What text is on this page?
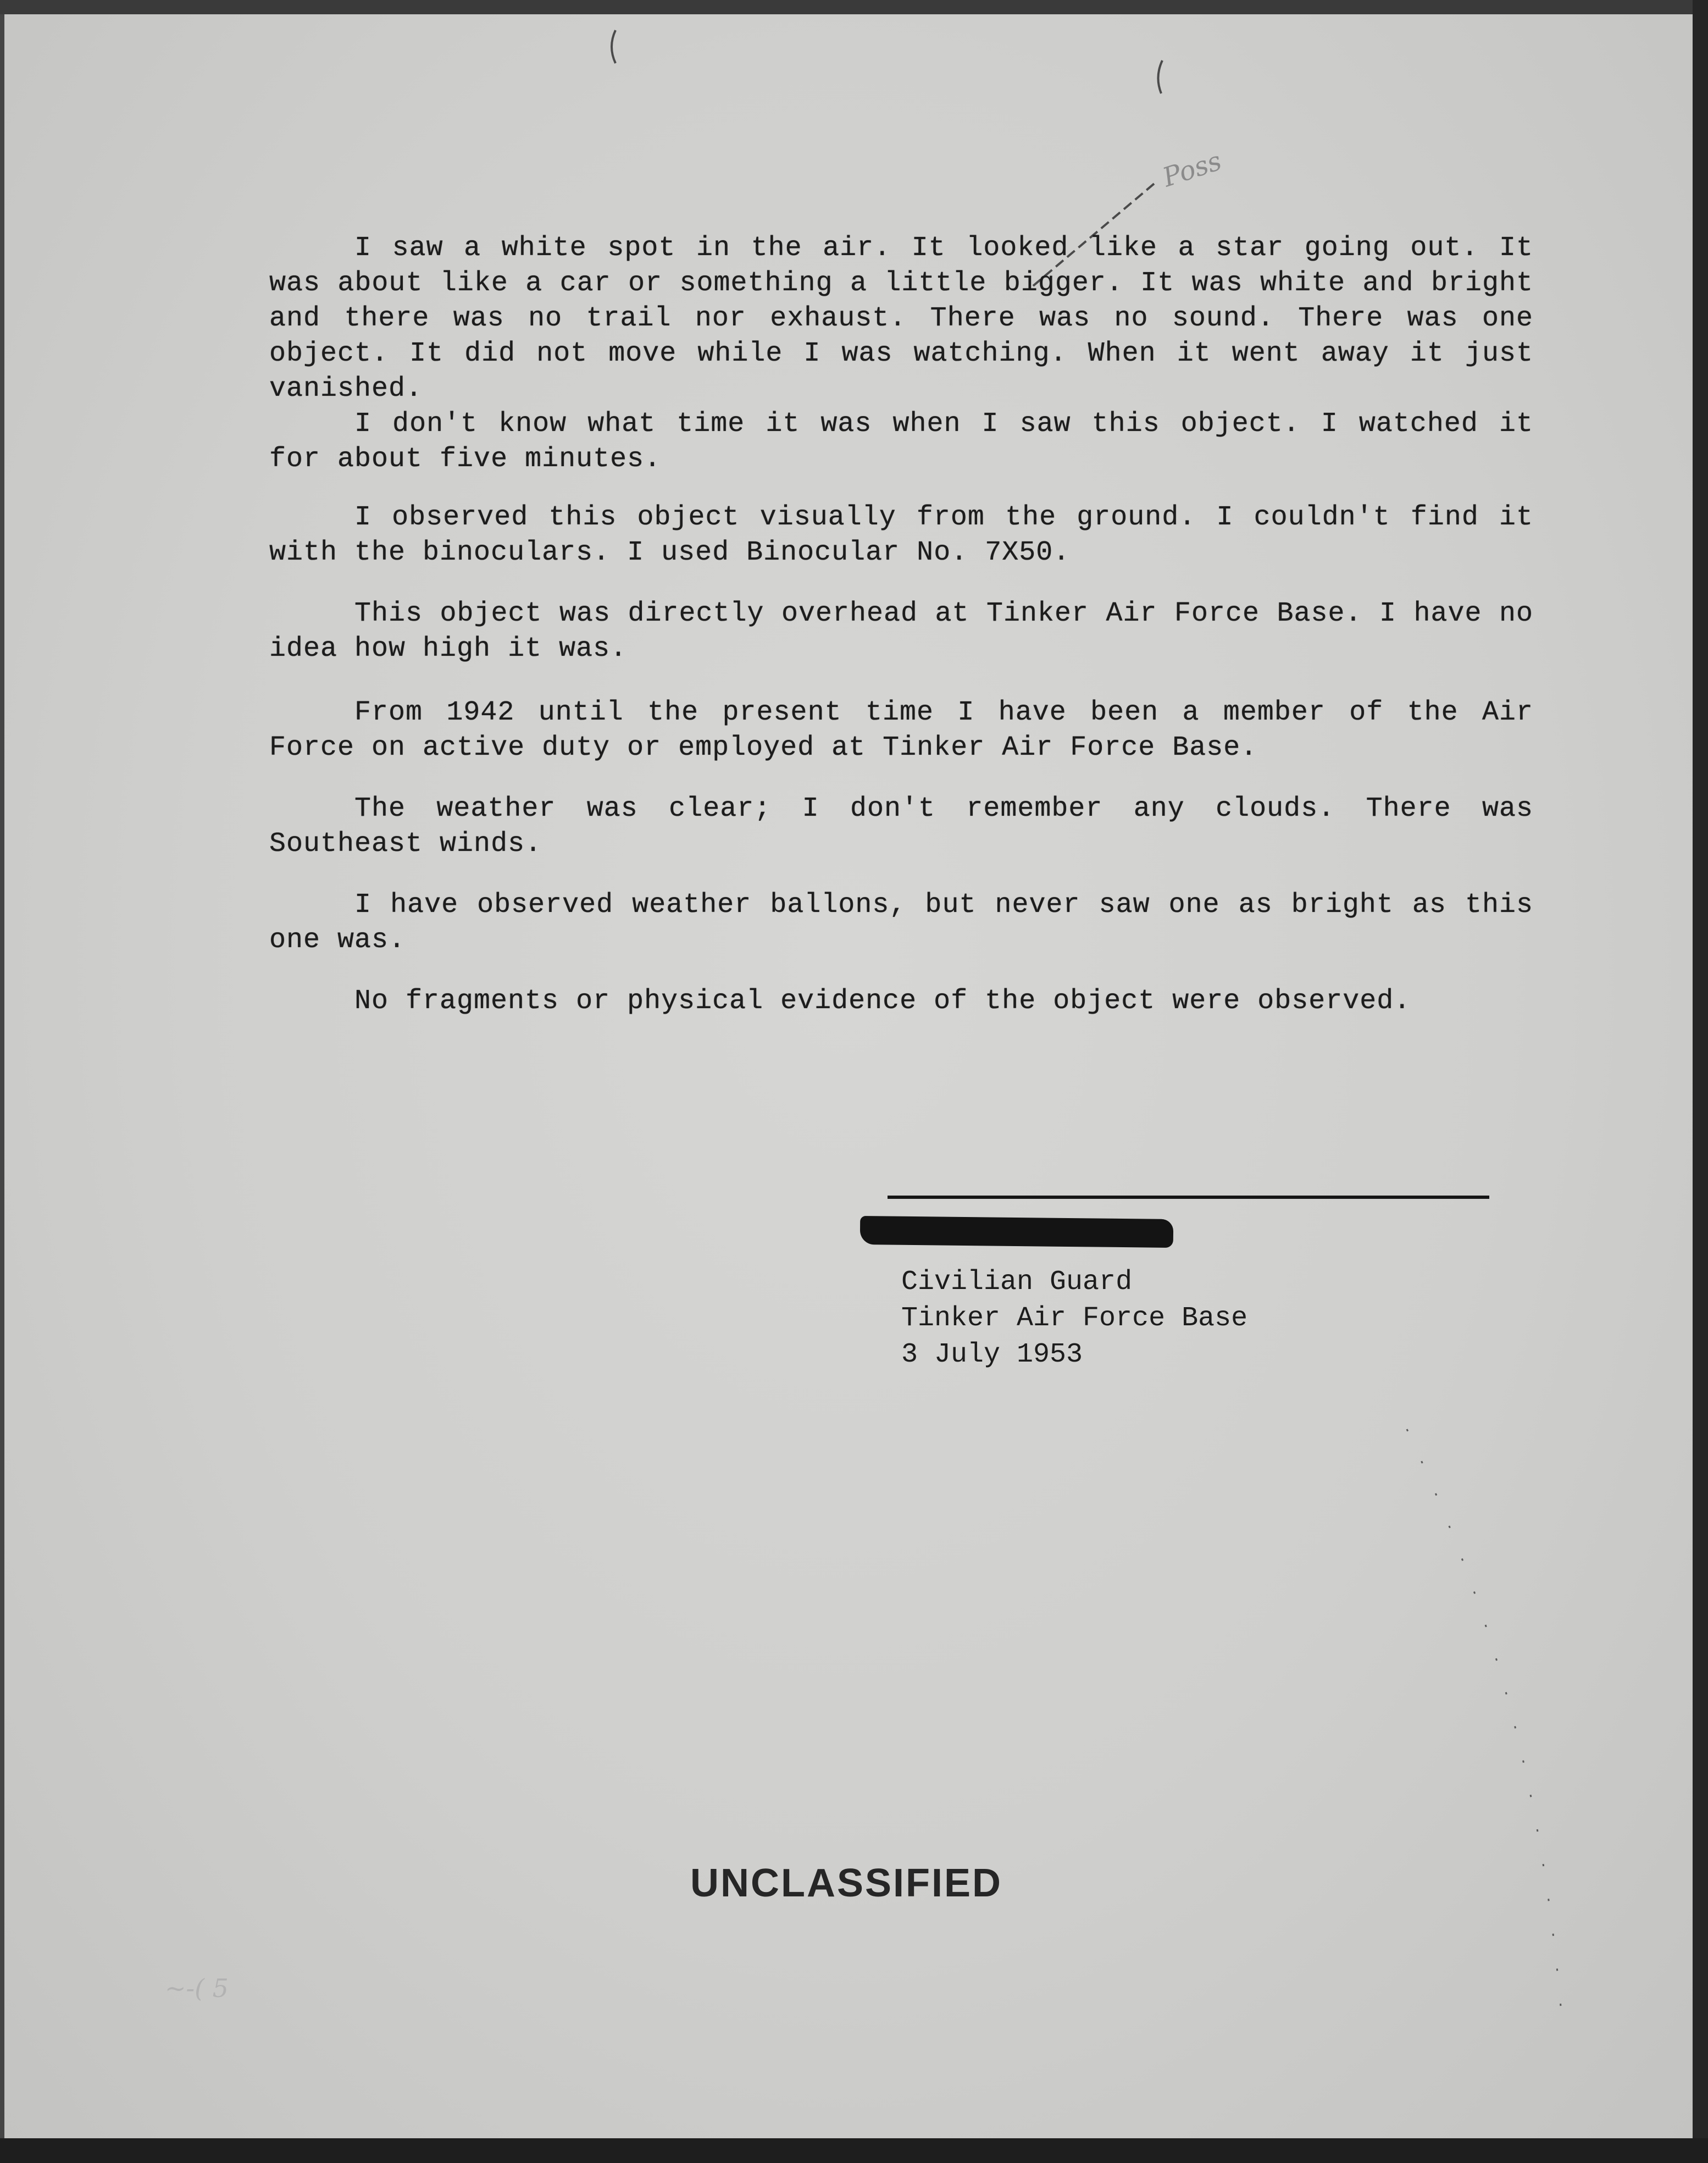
Poss

I saw a white spot in the air. It looked like a star going out. It was about like a car or something a little bigger. It was white and bright and there was no trail nor exhaust. There was no sound. There was one object. It did not move while I was watching. When it went away it just vanished.

I don't know what time it was when I saw this object. I watched it for about five minutes.

I observed this object visually from the ground. I couldn't find it with the binoculars. I used Binocular No. 7X50.

This object was directly overhead at Tinker Air Force Base. I have no idea how high it was.

From 1942 until the present time I have been a member of the Air Force on active duty or employed at Tinker Air Force Base.

The weather was clear; I don't remember any clouds. There was Southeast winds.

I have observed weather ballons, but never saw one as bright as this one was.

No fragments or physical evidence of the object were observed.

Civilian Guard
Tinker Air Force Base
3 July 1953
UNCLASSIFIED
~-( 5
